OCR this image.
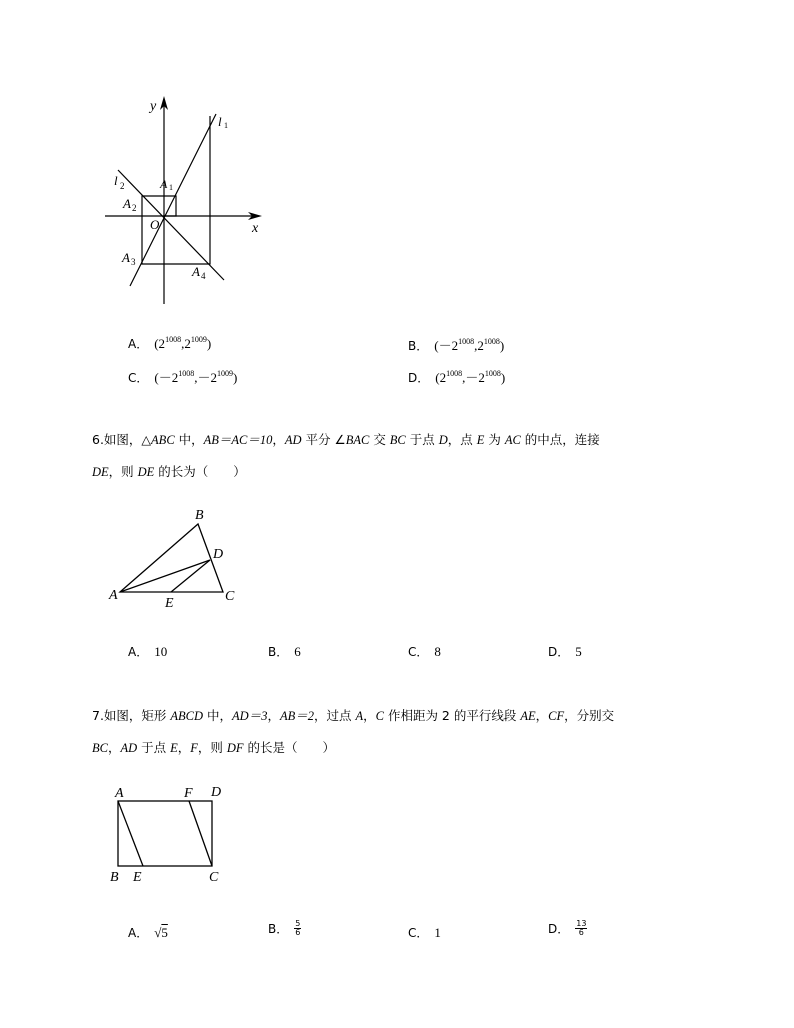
y
x
O
l 1
l 2	A 1
A 2
A 3
A 4
A． $(2^{1008},2^{1009})$	B． $(-2^{1008},2^{1008})$
C． $(-2^{1008},-2^{1009})$	D． $(2^{1008},-2^{1008})$
6.如图，△ABC 中，AB＝AC＝10，AD 平分 ∠BAC 交 BC 于点 D，点 E 为 AC 的中点，连接
DE，则 DE 的长为（　　）
B
D
A
E	C
A． 10	B． 6	C． 8	D． 5
7.如图，矩形 ABCD 中，AD＝3，AB＝2，过点 A，C 作相距为 2 的平行线段 AE，CF，分别交
BC，AD 于点 E，F，则 DF 的长是（　　）
A	F D
B E	C
A． √5	B． $\frac{5}{6}$	C． 1	D． $\frac{13}{6}$
